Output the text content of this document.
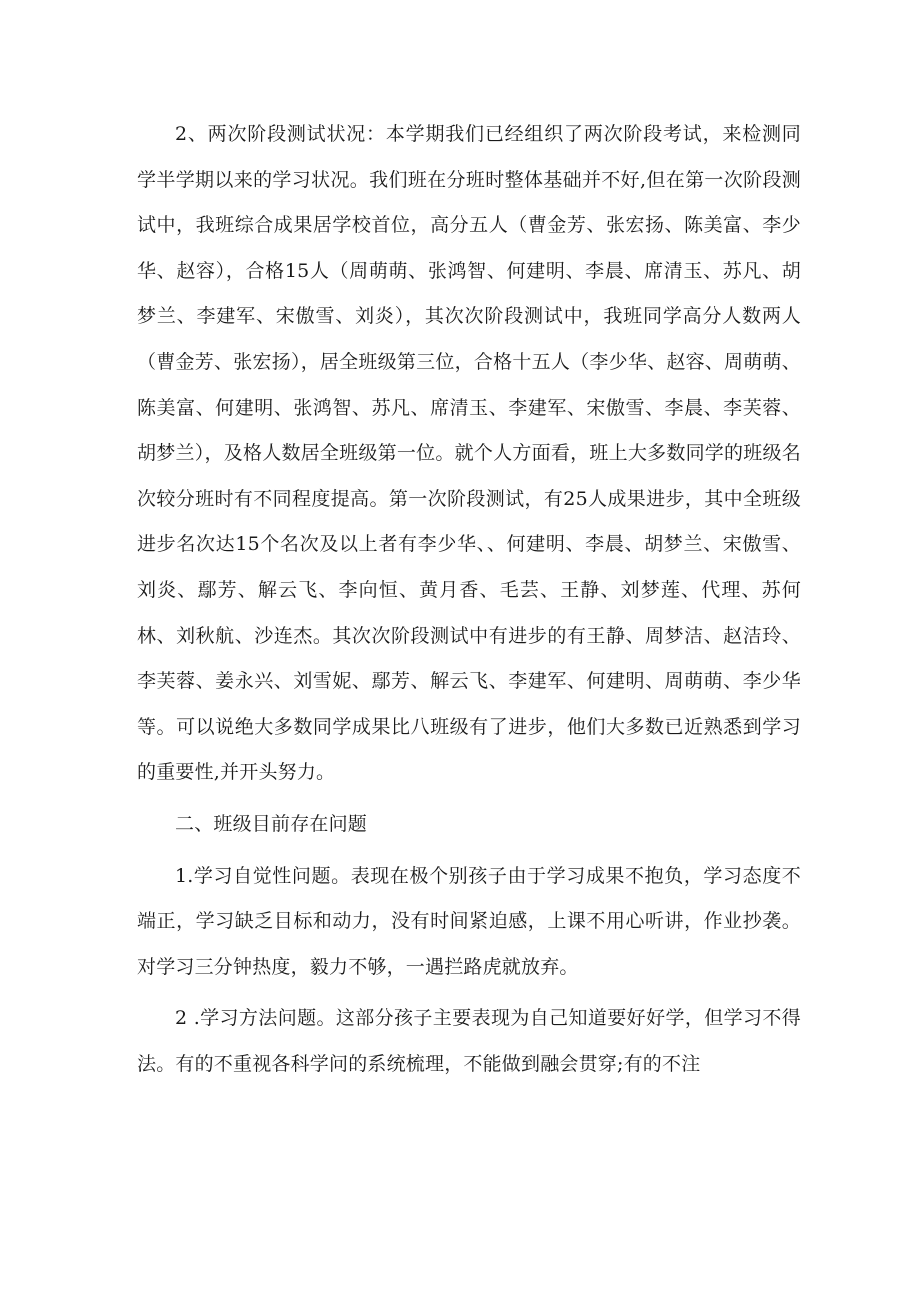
2、两次阶段测试状况：本学期我们已经组织了两次阶段考试，来检测同学半学期以来的学习状况。我们班在分班时整体基础并不好,但在第一次阶段测试中，我班综合成果居学校首位，高分五人（曹金芳、张宏扬、陈美富、李少华、赵容），合格15人（周萌萌、张鸿智、何建明、李晨、席清玉、苏凡、胡梦兰、李建军、宋傲雪、刘炎），其次次阶段测试中，我班同学高分人数两人（曹金芳、张宏扬），居全班级第三位，合格十五人（李少华、赵容、周萌萌、陈美富、何建明、张鸿智、苏凡、席清玉、李建军、宋傲雪、李晨、李芙蓉、胡梦兰），及格人数居全班级第一位。就个人方面看，班上大多数同学的班级名次较分班时有不同程度提高。第一次阶段测试，有25人成果进步，其中全班级进步名次达15个名次及以上者有李少华、、何建明、李晨、胡梦兰、宋傲雪、刘炎、鄢芳、解云飞、李向恒、黄月香、毛芸、王静、刘梦莲、代理、苏何林、刘秋航、沙连杰。其次次阶段测试中有进步的有王静、周梦洁、赵洁玲、李芙蓉、姜永兴、刘雪妮、鄢芳、解云飞、李建军、何建明、周萌萌、李少华等。可以说绝大多数同学成果比八班级有了进步，他们大多数已近熟悉到学习的重要性,并开头努力。

二、班级目前存在问题

1.学习自觉性问题。表现在极个别孩子由于学习成果不抱负，学习态度不端正，学习缺乏目标和动力，没有时间紧迫感，上课不用心听讲，作业抄袭。对学习三分钟热度，毅力不够，一遇拦路虎就放弃。

2 .学习方法问题。这部分孩子主要表现为自己知道要好好学，但学习不得法。有的不重视各科学问的系统梳理，不能做到融会贯穿;有的不注
